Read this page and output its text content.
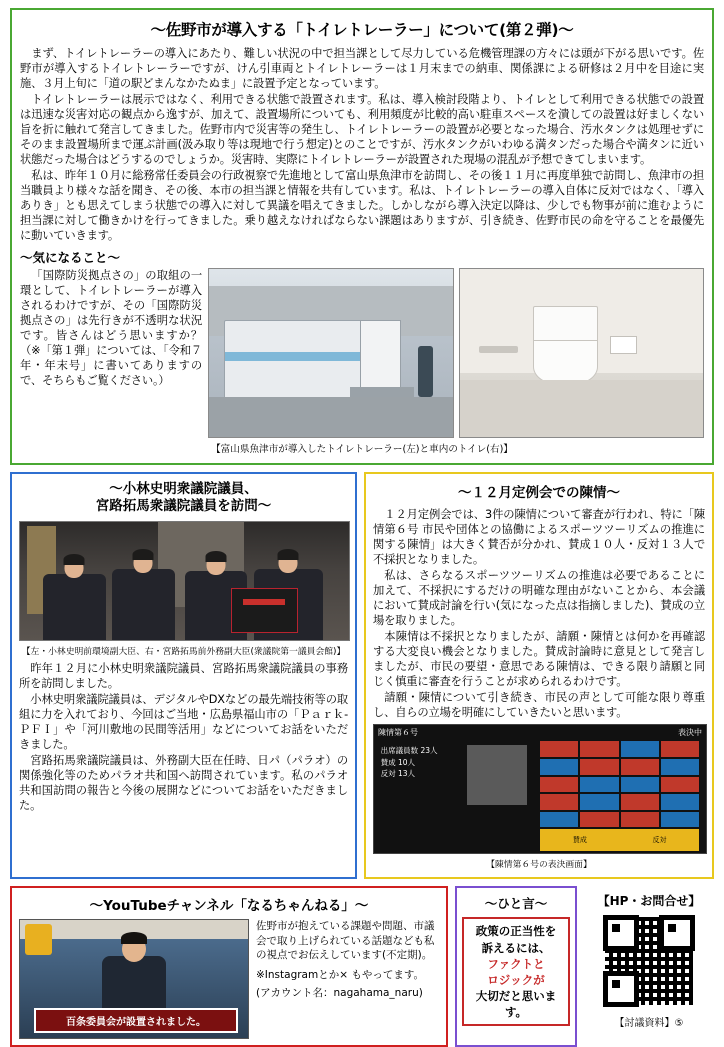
〜佐野市が導入する「トイレトレーラー」について(第２弾)〜

まず、トイレトレーラーの導入にあたり、難しい状況の中で担当課として尽力している危機管理課の方々には頭が下がる思いです。佐野市が導入するトイレトレーラーですが、けん引車両とトイレトレーラーは１月末までの納車、関係課による研修は２月中を目途に実施、３月上旬に「道の駅どまんなかたぬま」に設置予定となっています。

トイレトレーラーは展示ではなく、利用できる状態で設置されます。私は、導入検討段階より、トイレとして利用できる状態での設置は迅速な災害対応の観点から逸すが、加えて、設置場所についても、利用頻度が比較的高い駐車スペースを潰しての設置は好ましくない旨を折に触れて発言してきました。佐野市内で災害等の発生し、トイレトレーラーの設置が必要となった場合、汚水タンクは処理せずにそのまま設置場所まで運ぶ計画(汲み取り等は現地で行う想定)とのことですが、汚水タンクがいわゆる満タンだった場合や満タンに近い状態だった場合はどうするのでしょうか。災害時、実際にトイレトレーラーが設置された現場の混乱が予想できてしまいます。

私は、昨年１０月に総務常任委員会の行政視察で先進地として富山県魚津市を訪問し、その後１１月に再度単独で訪問し、魚津市の担当職員より様々な話を聞き、その後、本市の担当課と情報を共有しています。私は、トイレトレーラーの導入自体に反対ではなく、「導入ありき」とも思えてしまう状態での導入に対して異議を唱えてきました。しかしながら導入決定以降は、少しでも物事が前に進むように担当課に対して働きかけを行ってきました。乗り越えなければならない課題はありますが、引き続き、佐野市民の命を守ることを最優先に動いていきます。

〜気になること〜

「国際防災拠点さの」の取組の一環として、トイレトレーラーが導入されるわけですが、その「国際防災拠点さの」は先行きが不透明な状況です。皆さんはどう思いますか？（※「第１弾」については、「令和７年・年末号」に書いてありますので、そちらもご覧ください。）

【富山県魚津市が導入したトイレトレーラー(左)と車内のトイレ(右)】
〜小林史明衆議院議員、
宮路拓馬衆議院議員を訪問〜
【左・小林史明前環境副大臣、右・宮路拓馬前外務副大臣(衆議院第一議員会館)】

昨年１２月に小林史明衆議院議員、宮路拓馬衆議院議員の事務所を訪問しました。

小林史明衆議院議員は、デジタルやDXなどの最先端技術等の取組に力を入れており、今回はご当地・広島県福山市の「Ｐａｒｋ-ＰＦＩ」や「河川敷地の民間等活用」などについてお話をいただきました。

宮路拓馬衆議院議員は、外務副大臣在任時、日パ（パラオ）の関係強化等のためパラオ共和国へ訪問されています。私のパラオ共和国訪問の報告と今後の展開などについてお話をいただきました。

〜１２月定例会での陳情〜

１２月定例会では、3件の陳情について審査が行われ、特に「陳情第６号 市民や団体との協働によるスポーツツーリズムの推進に関する陳情」は大きく賛否が分かれ、賛成１０人・反対１３人で不採択となりました。

私は、さらなるスポーツツーリズムの推進は必要であることに加えて、不採択にするだけの明確な理由がないことから、本会議において賛成討論を行い(気になった点は指摘しました)、賛成の立場を取りました。

本陳情は不採択となりましたが、請願・陳情とは何かを再確認する大変良い機会となりました。賛成討論時に意見として発言しましたが、市民の要望・意思である陳情は、できる限り請願と同じく慎重に審査を行うことが求められるわけです。

請願・陳情について引き続き、市民の声として可能な限り尊重し、自らの立場を明確にしていきたいと思います。

陳情第６号	表決中
出席議員数 23人
賛成 10人
反対 13人
賛成	反対
【陳情第６号の表決画面】
〜YouTubeチャンネル「なるちゃんねる」〜
百条委員会が設置されました。

佐野市が抱えている課題や問題、市議会で取り上げられている話題なども私の視点でお伝えしています(不定期)。

※Instagramとか× もやってます。

(アカウント名：nagahama_naru)

〜ひと言〜
政策の正当性を
訴えるには、
ファクトと
ロジックが
大切だと思います。
【HP・お問合せ】
【討議資料】⑤
